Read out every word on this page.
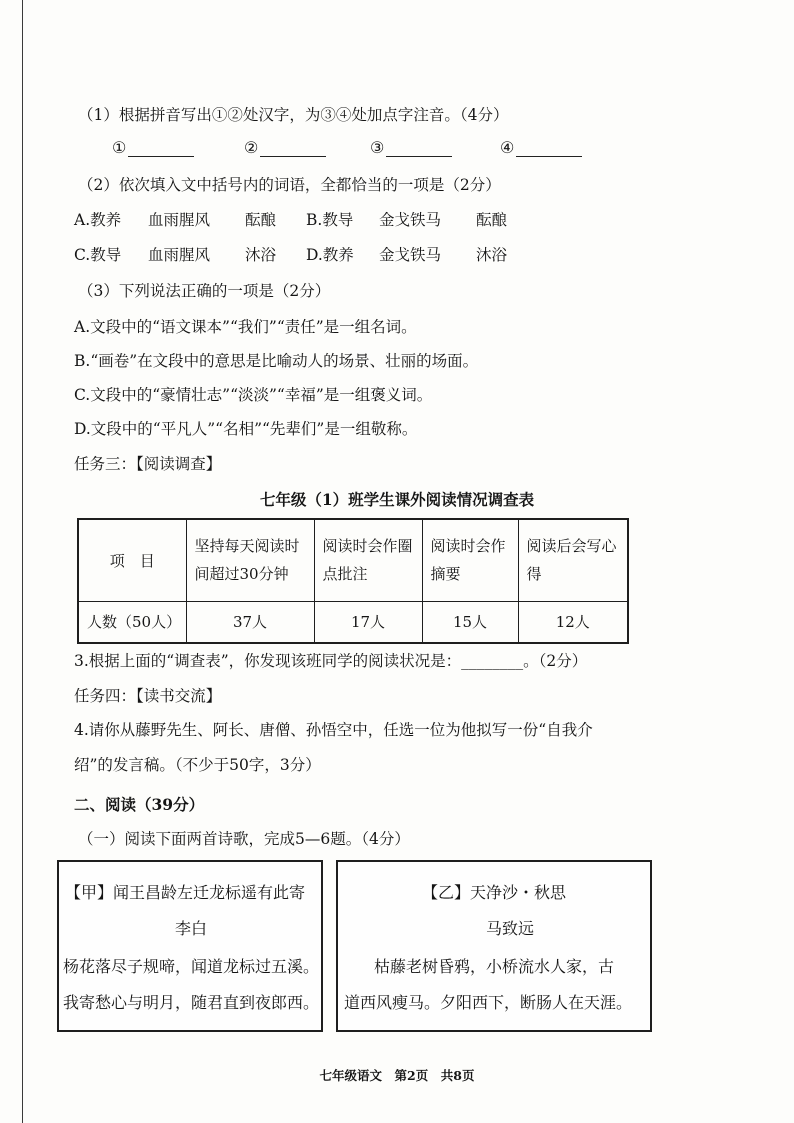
（1）根据拼音写出①②处汉字，为③④处加点字注音。（4分）
①	②	③	④
（2）依次填入文中括号内的词语，全都恰当的一项是（2分）
A.教养 血雨腥风 酝酿 B.教导 金戈铁马 酝酿
C.教导 血雨腥风 沐浴 D.教养 金戈铁马 沐浴
（3）下列说法正确的一项是（2分）
A.文段中的“语文课本”“我们”“责任”是一组名词。
B.“画卷”在文段中的意思是比喻动人的场景、壮丽的场面。
C.文段中的“豪情壮志”“淡淡”“幸福”是一组褒义词。
D.文段中的“平凡人”“名相”“先辈们”是一组敬称。
任务三：【阅读调查】
七年级（1）班学生课外阅读情况调查表
项　目	坚持每天阅读时间超过30分钟	阅读时会作圈点批注	阅读时会作摘要	阅读后会写心得
人数（50人）	37人	17人	15人	12人
3.根据上面的“调查表”，你发现该班同学的阅读状况是：________。（2分）
任务四：【读书交流】
4.请你从藤野先生、阿长、唐僧、孙悟空中，任选一位为他拟写一份“自我介
绍”的发言稿。（不少于50字，3分）
二、阅读（39分）
（一）阅读下面两首诗歌，完成5—6题。（4分）
【甲】闻王昌龄左迁龙标遥有此寄
李白
杨花落尽子规啼，闻道龙标过五溪。
我寄愁心与明月，随君直到夜郎西。
【乙】天净沙・秋思
马致远
枯藤老树昏鸦，小桥流水人家，古
道西风瘦马。夕阳西下，断肠人在天涯。
七年级语文　第2页　共8页
